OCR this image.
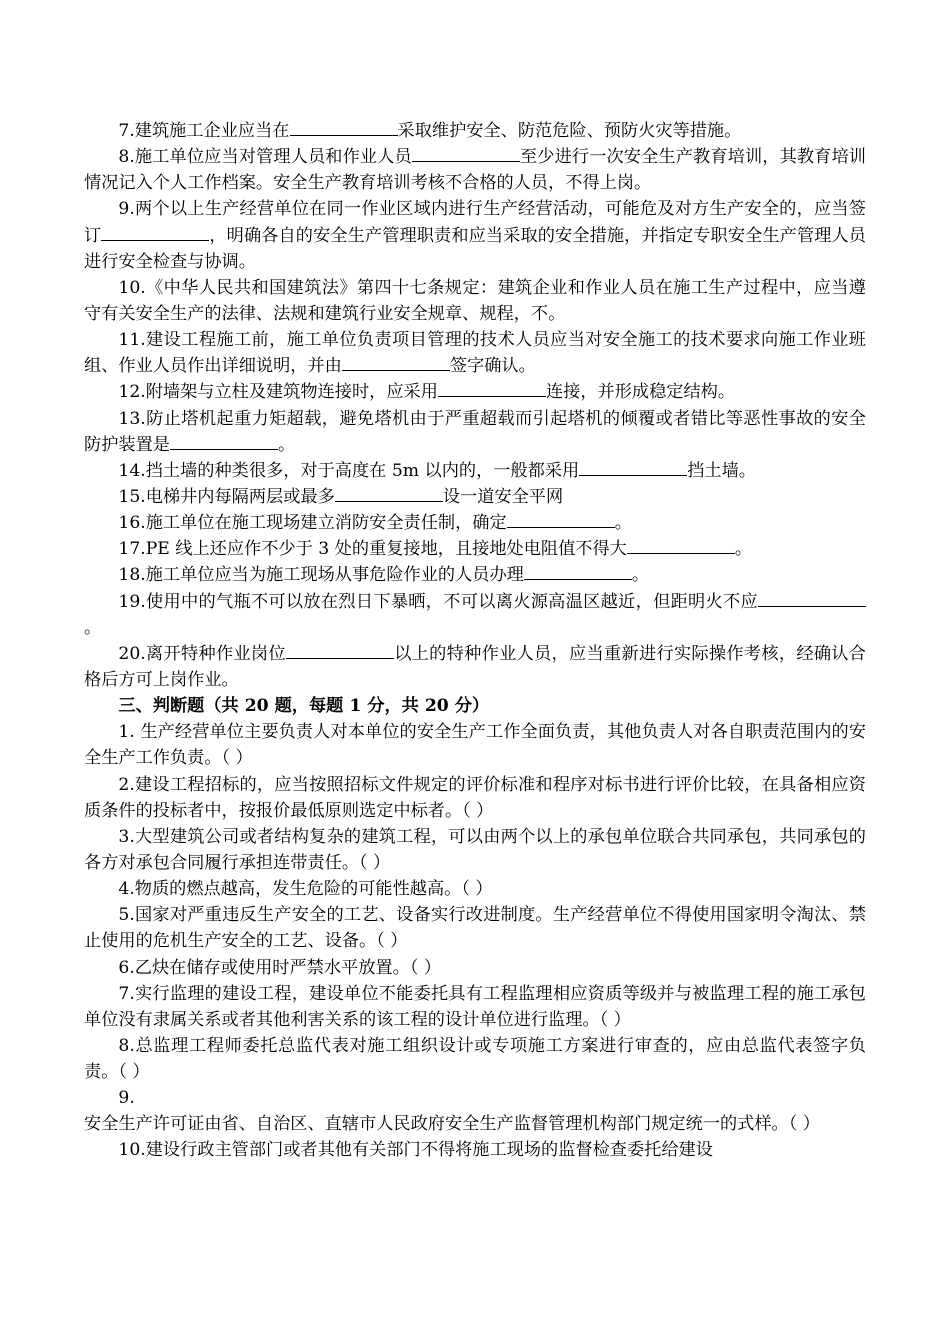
7.建筑施工企业应当在	采取维护安全、防范危险、预防火灾等措施。

8.施工单位应当对管理人员和作业人员	至少进行一次安全生产教育培训，其教育培训情况记入个人工作档案。安全生产教育培训考核不合格的人员，不得上岗。

9.两个以上生产经营单位在同一作业区域内进行生产经营活动，可能危及对方生产安全的，应当签订	，明确各自的安全生产管理职责和应当采取的安全措施，并指定专职安全生产管理人员进行安全检查与协调。

10.《中华人民共和国建筑法》第四十七条规定：建筑企业和作业人员在施工生产过程中，应当遵守有关安全生产的法律、法规和建筑行业安全规章、规程，不。

11.建设工程施工前，施工单位负责项目管理的技术人员应当对安全施工的技术要求向施工作业班组、作业人员作出详细说明，并由	签字确认。

12.附墙架与立柱及建筑物连接时，应采用	连接，并形成稳定结构。

13.防止塔机起重力矩超载，避免塔机由于严重超载而引起塔机的倾覆或者错比等恶性事故的安全防护装置是	。

14.挡土墙的种类很多，对于高度在 5m 以内的，一般都采用	挡土墙。

15.电梯井内每隔两层或最多	设一道安全平网

16.施工单位在施工现场建立消防安全责任制，确定	。

17.PE 线上还应作不少于 3 处的重复接地，且接地处电阻值不得大	。

18.施工单位应当为施工现场从事危险作业的人员办理	。

19.使用中的气瓶不可以放在烈日下暴晒，不可以离火源高温区越近，但距明火不应。

20.离开特种作业岗位	以上的特种作业人员，应当重新进行实际操作考核，经确认合格后方可上岗作业。

三、判断题（共 20 题，每题 1 分，共 20 分）

1. 生产经营单位主要负责人对本单位的安全生产工作全面负责，其他负责人对各自职责范围内的安全生产工作负责。（ ）

2.建设工程招标的，应当按照招标文件规定的评价标准和程序对标书进行评价比较，在具备相应资质条件的投标者中，按报价最低原则选定中标者。（ ）

3.大型建筑公司或者结构复杂的建筑工程，可以由两个以上的承包单位联合共同承包，共同承包的各方对承包合同履行承担连带责任。（ ）

4.物质的燃点越高，发生危险的可能性越高。（ ）

5.国家对严重违反生产安全的工艺、设备实行改进制度。生产经营单位不得使用国家明令淘汰、禁止使用的危机生产安全的工艺、设备。（ ）

6.乙炔在储存或使用时严禁水平放置。（ ）

7.实行监理的建设工程，建设单位不能委托具有工程监理相应资质等级并与被监理工程的施工承包单位没有隶属关系或者其他利害关系的该工程的设计单位进行监理。（ ）

8.总监理工程师委托总监代表对施工组织设计或专项施工方案进行审查的，应由总监代表签字负责。（ ）

9.安全生产许可证由省、自治区、直辖市人民政府安全生产监督管理机构部门规定统一的式样。（ ）

10.建设行政主管部门或者其他有关部门不得将施工现场的监督检查委托给建设
